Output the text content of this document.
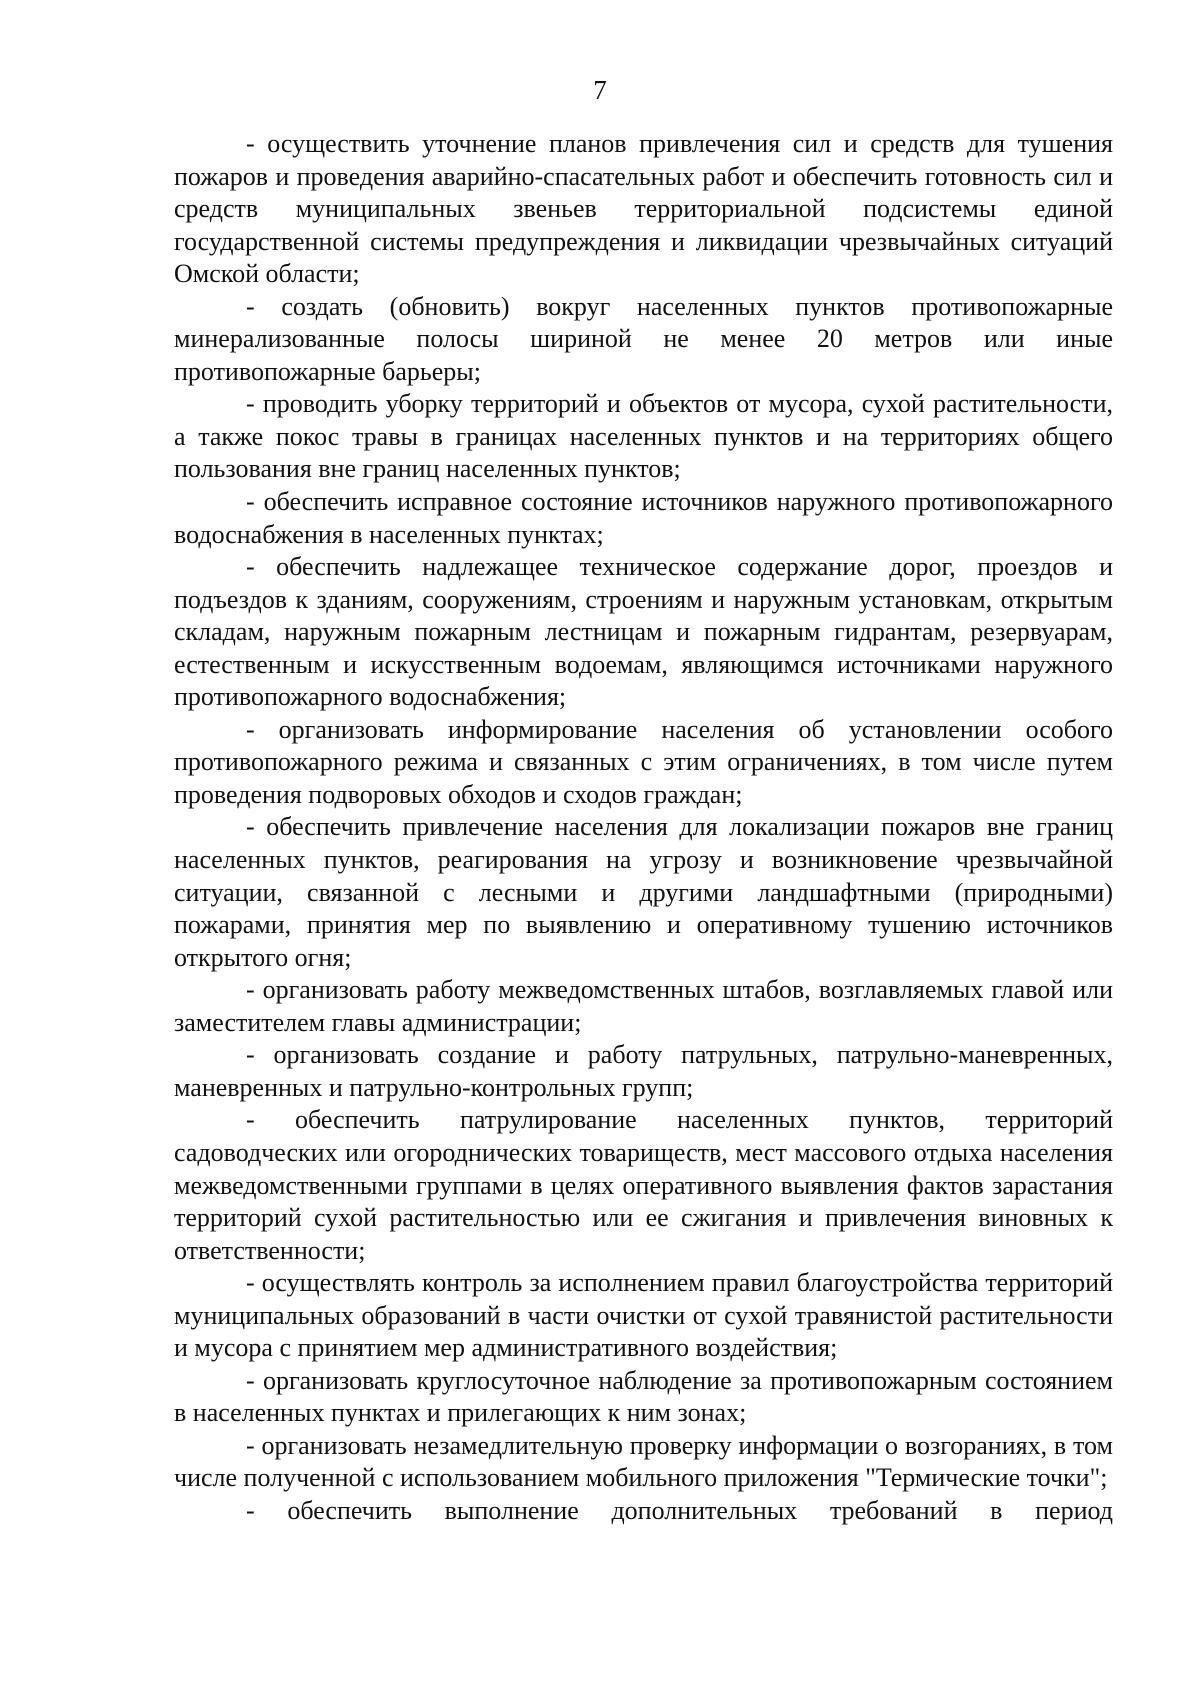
7

- осуществить уточнение планов привлечения сил и средств для тушения пожаров и проведения аварийно-спасательных работ и обеспечить готовность сил и средств муниципальных звеньев территориальной подсистемы единой государственной системы предупреждения и ликвидации чрезвычайных ситуаций Омской области;

- создать (обновить) вокруг населенных пунктов противопожарные минерализованные полосы шириной не менее 20 метров или иные противопожарные барьеры;

- проводить уборку территорий и объектов от мусора, сухой растительности, а также покос травы в границах населенных пунктов и на территориях общего пользования вне границ населенных пунктов;

- обеспечить исправное состояние источников наружного противопожарного водоснабжения в населенных пунктах;

- обеспечить надлежащее техническое содержание дорог, проездов и подъездов к зданиям, сооружениям, строениям и наружным установкам, открытым складам, наружным пожарным лестницам и пожарным гидрантам, резервуарам, естественным и искусственным водоемам, являющимся источниками наружного противопожарного водоснабжения;

- организовать информирование населения об установлении особого противопожарного режима и связанных с этим ограничениях, в том числе путем проведения подворовых обходов и сходов граждан;

- обеспечить привлечение населения для локализации пожаров вне границ населенных пунктов, реагирования на угрозу и возникновение чрезвычайной ситуации, связанной с лесными и другими ландшафтными (природными) пожарами, принятия мер по выявлению и оперативному тушению источников открытого огня;

- организовать работу межведомственных штабов, возглавляемых главой или заместителем главы администрации;

- организовать создание и работу патрульных, патрульно-маневренных, маневренных и патрульно-контрольных групп;

- обеспечить патрулирование населенных пунктов, территорий садоводческих или огороднических товариществ, мест массового отдыха населения межведомственными группами в целях оперативного выявления фактов зарастания территорий сухой растительностью или ее сжигания и привлечения виновных к ответственности;

- осуществлять контроль за исполнением правил благоустройства территорий муниципальных образований в части очистки от сухой травянистой растительности и мусора с принятием мер административного воздействия;

- организовать круглосуточное наблюдение за противопожарным состоянием в населенных пунктах и прилегающих к ним зонах;

- организовать незамедлительную проверку информации о возгораниях, в том числе полученной с использованием мобильного приложения "Термические точки";

- обеспечить выполнение дополнительных требований в период
